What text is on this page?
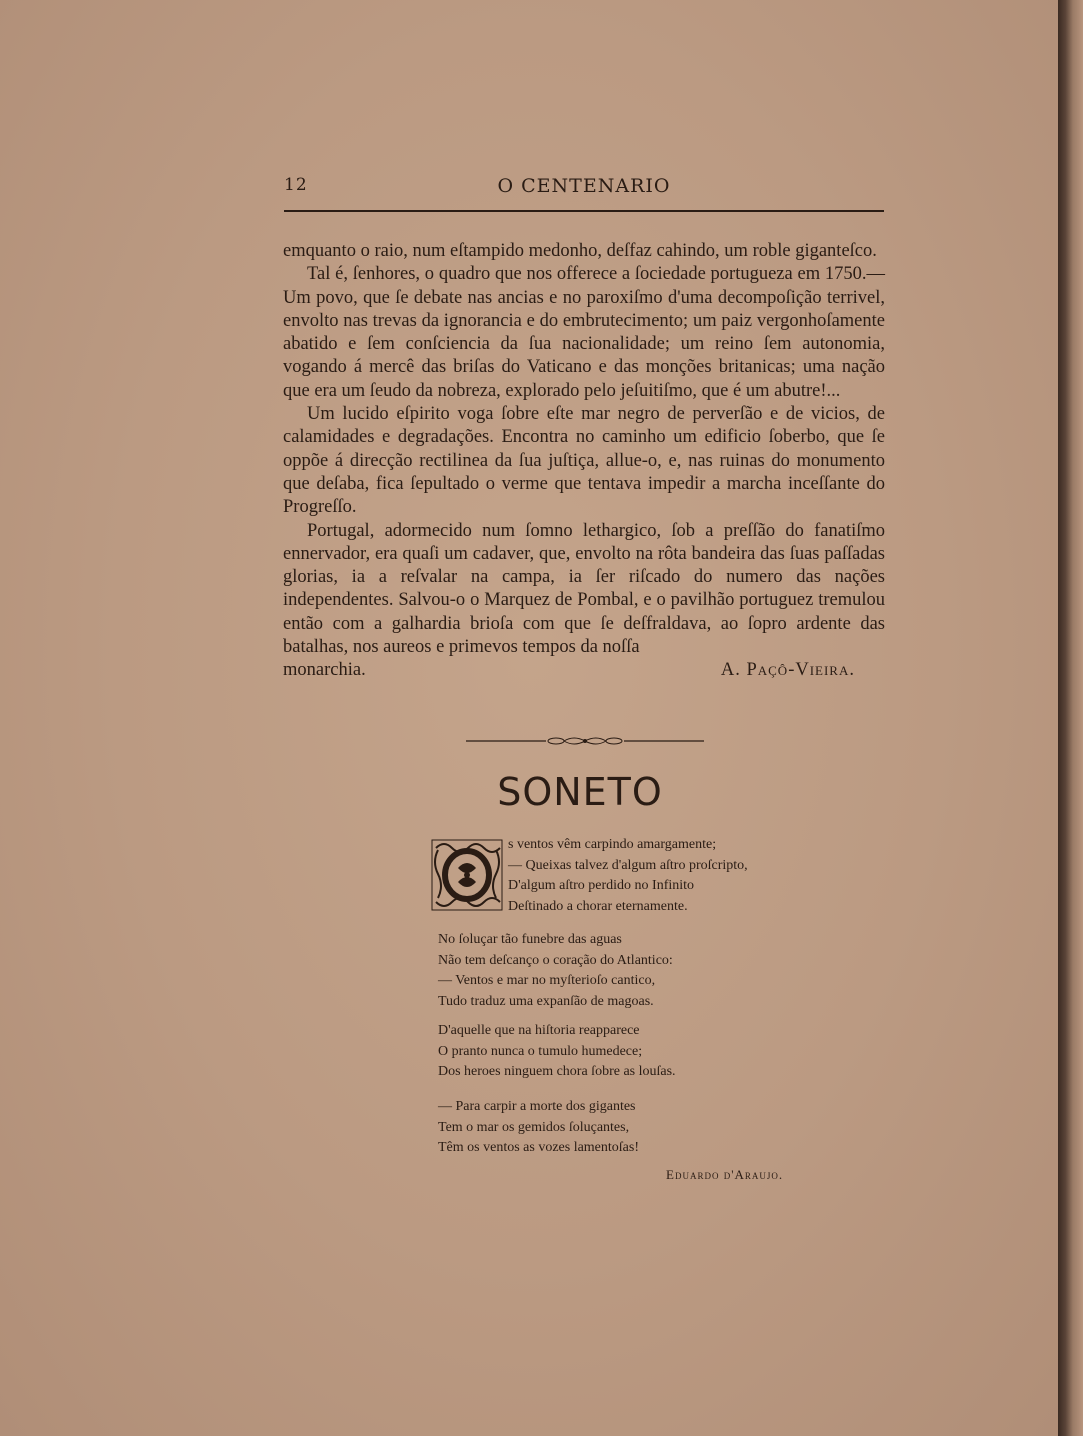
12	O CENTENARIO

emquanto o raio, num eſtampido medonho, deſfaz cahindo, um roble giganteſco.

Tal é, ſenhores, o quadro que nos offerece a ſociedade portugueza em 1750.—Um povo, que ſe debate nas ancias e no paroxiſmo d'uma decompoſição terrivel, envolto nas trevas da ignorancia e do embrutecimento; um paiz vergonhoſamente abatido e ſem conſciencia da ſua nacionalidade; um reino ſem autonomia, vogando á mercê das briſas do Vaticano e das monções britanicas; uma nação que era um ſeudo da nobreza, explorado pelo jeſuitiſmo, que é um abutre!...

Um lucido eſpirito voga ſobre eſte mar negro de perverſão e de vicios, de calamidades e degradações. Encontra no caminho um edificio ſoberbo, que ſe oppõe á direcção rectilinea da ſua juſtiça, allue-o, e, nas ruinas do monumento que deſaba, fica ſepultado o verme que tentava impedir a marcha inceſſante do Progreſſo.

Portugal, adormecido num ſomno lethargico, ſob a preſſão do fanatiſmo ennervador, era quaſi um cadaver, que, envolto na rôta bandeira das ſuas paſſadas glorias, ia a reſvalar na campa, ia ſer riſcado do numero das nações independentes. Salvou-o o Marquez de Pombal, e o pavilhão portuguez tremulou então com a galhardia brioſa com que ſe deſfraldava, ao ſopro ardente das batalhas, nos aureos e primevos tempos da noſſa

monarchia.	A. Paçô-Vieira.
SONETO
s ventos vêm carpindo amargamente;
— Queixas talvez d'algum aſtro proſcripto,
D'algum aſtro perdido no Infinito
Deſtinado a chorar eternamente.
No ſoluçar tão funebre das aguas
Não tem deſcanço o coração do Atlantico:
— Ventos e mar no myſterioſo cantico,
Tudo traduz uma expanſão de magoas.
D'aquelle que na hiſtoria reapparece
O pranto nunca o tumulo humedece;
Dos heroes ninguem chora ſobre as louſas.
— Para carpir a morte dos gigantes
Tem o mar os gemidos ſoluçantes,
Têm os ventos as vozes lamentoſas!
Eduardo d'Araujo.
